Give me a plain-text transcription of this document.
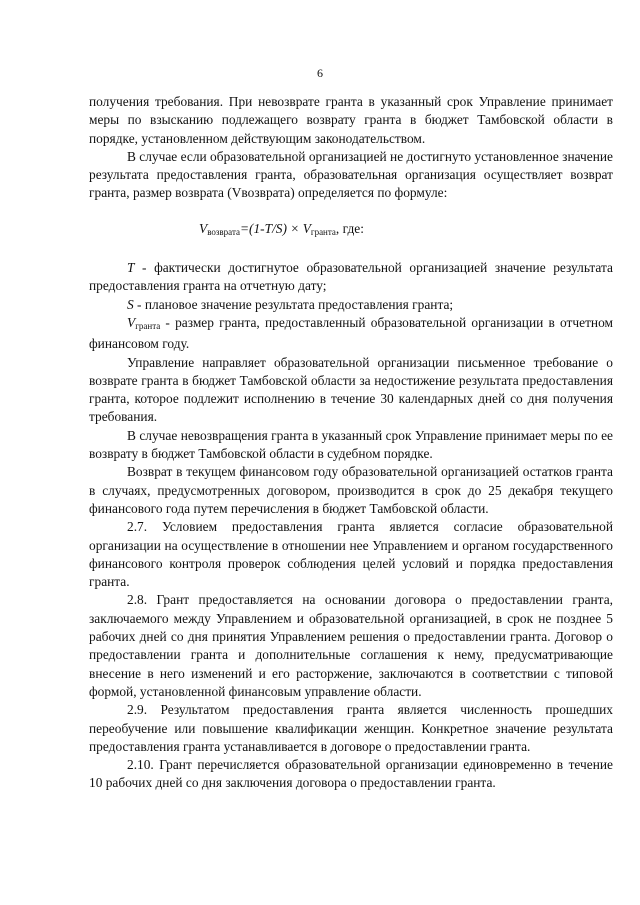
6

получения требования. При невозврате гранта в указанный срок Управление принимает меры по взысканию подлежащего возврату гранта в бюджет Тамбовской области в порядке, установленном действующим законодательством.

В случае если образовательной организацией не достигнуто установленное значение результата предоставления гранта, образовательная организация осуществляет возврат гранта, размер возврата (Vвозврата) определяется по формуле:

$V_{возврата}=(1-T/S) \times V_{гранта}$, где:

T - фактически достигнутое образовательной организацией значение результата предоставления гранта на отчетную дату;

S - плановое значение результата предоставления гранта;

$V_{гранта}$ - размер гранта, предоставленный образовательной организации в отчетном финансовом году.

Управление направляет образовательной организации письменное требование о возврате гранта в бюджет Тамбовской области за недостижение результата предоставления гранта, которое подлежит исполнению в течение 30 календарных дней со дня получения требования.

В случае невозвращения гранта в указанный срок Управление принимает меры по ее возврату в бюджет Тамбовской области в судебном порядке.

Возврат в текущем финансовом году образовательной организацией остатков гранта в случаях, предусмотренных договором, производится в срок до 25 декабря текущего финансового года путем перечисления в бюджет Тамбовской области.

2.7. Условием предоставления гранта является согласие образовательной организации на осуществление в отношении нее Управлением и органом государственного финансового контроля проверок соблюдения целей условий и порядка предоставления гранта.

2.8. Грант предоставляется на основании договора о предоставлении гранта, заключаемого между Управлением и образовательной организацией, в срок не позднее 5 рабочих дней со дня принятия Управлением решения о предоставлении гранта. Договор о предоставлении гранта и дополнительные соглашения к нему, предусматривающие внесение в него изменений и его расторжение, заключаются в соответствии с типовой формой, установленной финансовым управление области.

2.9. Результатом предоставления гранта является численность прошедших переобучение или повышение квалификации женщин. Конкретное значение результата предоставления гранта устанавливается в договоре о предоставлении гранта.

2.10. Грант перечисляется образовательной организации единовременно в течение 10 рабочих дней со дня заключения договора о предоставлении гранта.
